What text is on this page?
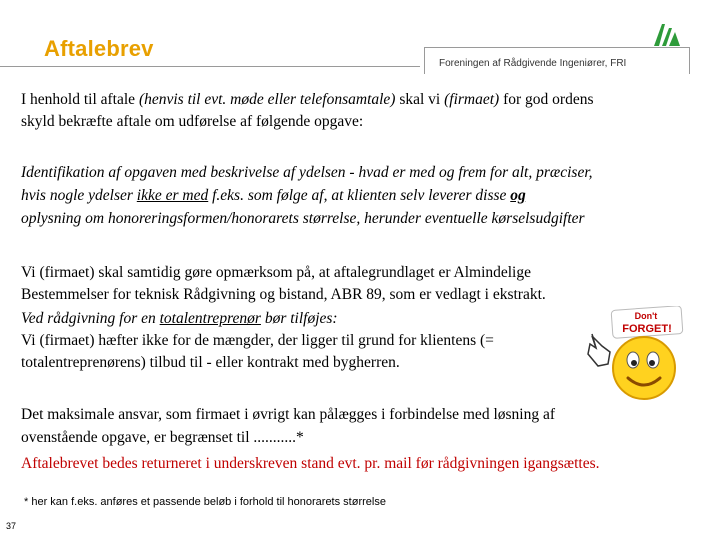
Aftalebrev
Foreningen af Rådgivende Ingeniører, FRI
I henhold til aftale (henvis til evt. møde eller telefonsamtale) skal vi (firmaet) for god ordens
skyld bekræfte aftale om udførelse af følgende opgave:
Identifikation af opgaven med beskrivelse af ydelsen - hvad er med og frem for alt, præciser,
hvis nogle ydelser ikke er med f.eks. som følge af, at klienten selv leverer disse og
oplysning om honoreringsformen/honorarets størrelse, herunder eventuelle kørselsudgifter
Vi (firmaet) skal samtidig gøre opmærksom på, at aftalegrundlaget er Almindelige
Bestemmelser for teknisk Rådgivning og bistand, ABR 89, som er vedlagt i ekstrakt.
Ved rådgivning for en totalentreprenør bør tilføjes:
Vi (firmaet) hæfter ikke for de mængder, der ligger til grund for klientens (=
totalentreprenørens) tilbud til - eller kontrakt med bygherren.
Det maksimale ansvar, som firmaet i øvrigt kan pålægges i forbindelse med løsning af
ovenstående opgave, er begrænset til ...........*
Aftalebrevet bedes returneret i underskreven stand evt. pr. mail før rådgivningen igangsættes.
Don't
FORGET!
* her kan f.eks. anføres et passende beløb i forhold til honorarets størrelse
37
